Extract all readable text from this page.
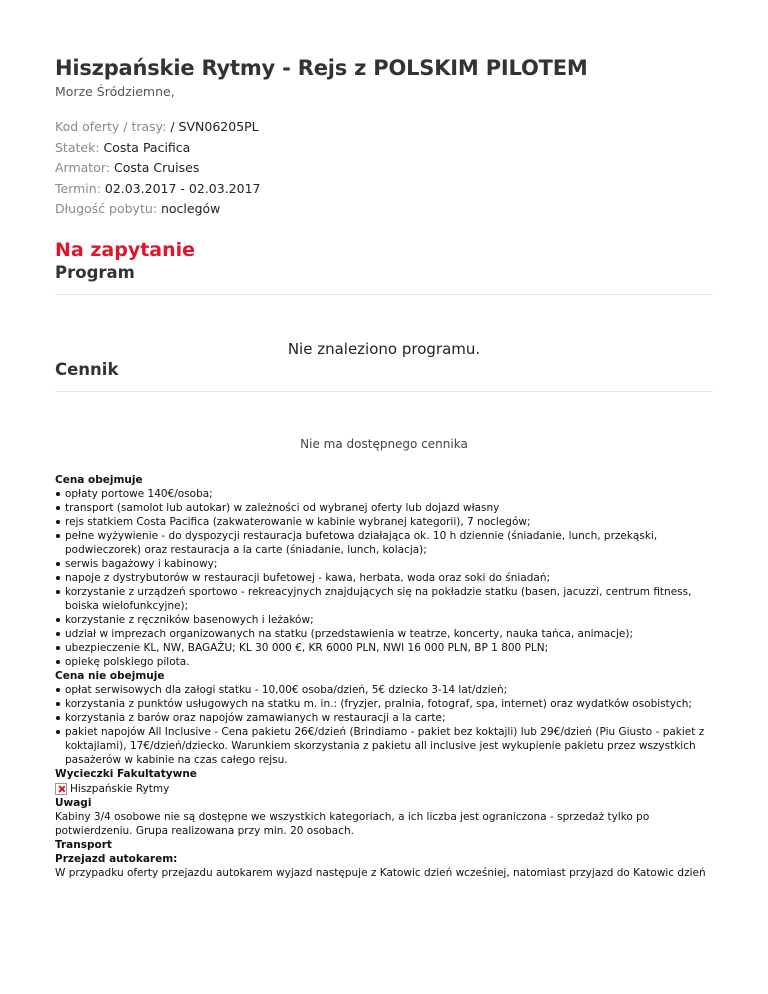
Hiszpańskie Rytmy - Rejs z POLSKIM PILOTEM
Morze Śródziemne,
Kod oferty / trasy: / SVN06205PL
Statek: Costa Pacifica
Armator: Costa Cruises
Termin: 02.03.2017 - 02.03.2017
Długość pobytu: noclegów
Na zapytanie
Program
Nie znaleziono programu.
Cennik
Nie ma dostępnego cennika
Cena obejmuje
opłaty portowe 140€/osoba;
transport (samolot lub autokar) w zależności od wybranej oferty lub dojazd własny
rejs statkiem Costa Pacifica (zakwaterowanie w kabinie wybranej kategorii), 7 noclegów;
pełne wyżywienie - do dyspozycji restauracja bufetowa działająca ok. 10 h dziennie (śniadanie, lunch, przekąski, podwieczorek) oraz restauracja a la carte (śniadanie, lunch, kolacja);
serwis bagażowy i kabinowy;
napoje z dystrybutorów w restauracji bufetowej - kawa, herbata, woda oraz soki do śniadań;
korzystanie z urządzeń sportowo - rekreacyjnych znajdujących się na pokładzie statku (basen, jacuzzi, centrum fitness, boiska wielofunkcyjne);
korzystanie z ręczników basenowych i leżaków;
udział w imprezach organizowanych na statku (przedstawienia w teatrze, koncerty, nauka tańca, animacje);
ubezpieczenie KL, NW, BAGAŻU; KL 30 000 €, KR 6000 PLN, NWI 16 000 PLN, BP 1 800 PLN;
opiekę polskiego pilota.
Cena nie obejmuje
opłat serwisowych dla załogi statku - 10,00€ osoba/dzień, 5€ dziecko 3-14 lat/dzień;
korzystania z punktów usługowych na statku m. in.: (fryzjer, pralnia, fotograf, spa, internet) oraz wydatków osobistych;
korzystania z barów oraz napojów zamawianych w restauracji a la carte;
pakiet napojów All Inclusive - Cena pakietu 26€/dzień (Brindiamo - pakiet bez koktajli) lub 29€/dzień (Piu Giusto - pakiet z koktajlami), 17€/dzień/dziecko. Warunkiem skorzystania z pakietu all inclusive jest wykupienie pakietu przez wszystkich pasażerów w kabinie na czas całego rejsu.
Wycieczki Fakultatywne
Hiszpańskie Rytmy
Uwagi
Kabiny 3/4 osobowe nie są dostępne we wszystkich kategoriach, a ich liczba jest ograniczona - sprzedaż tylko po potwierdzeniu. Grupa realizowana przy min. 20 osobach.
Transport
Przejazd autokarem:
W przypadku oferty przejazdu autokarem wyjazd następuje z Katowic dzień wcześniej, natomiast przyjazd do Katowic dzień
